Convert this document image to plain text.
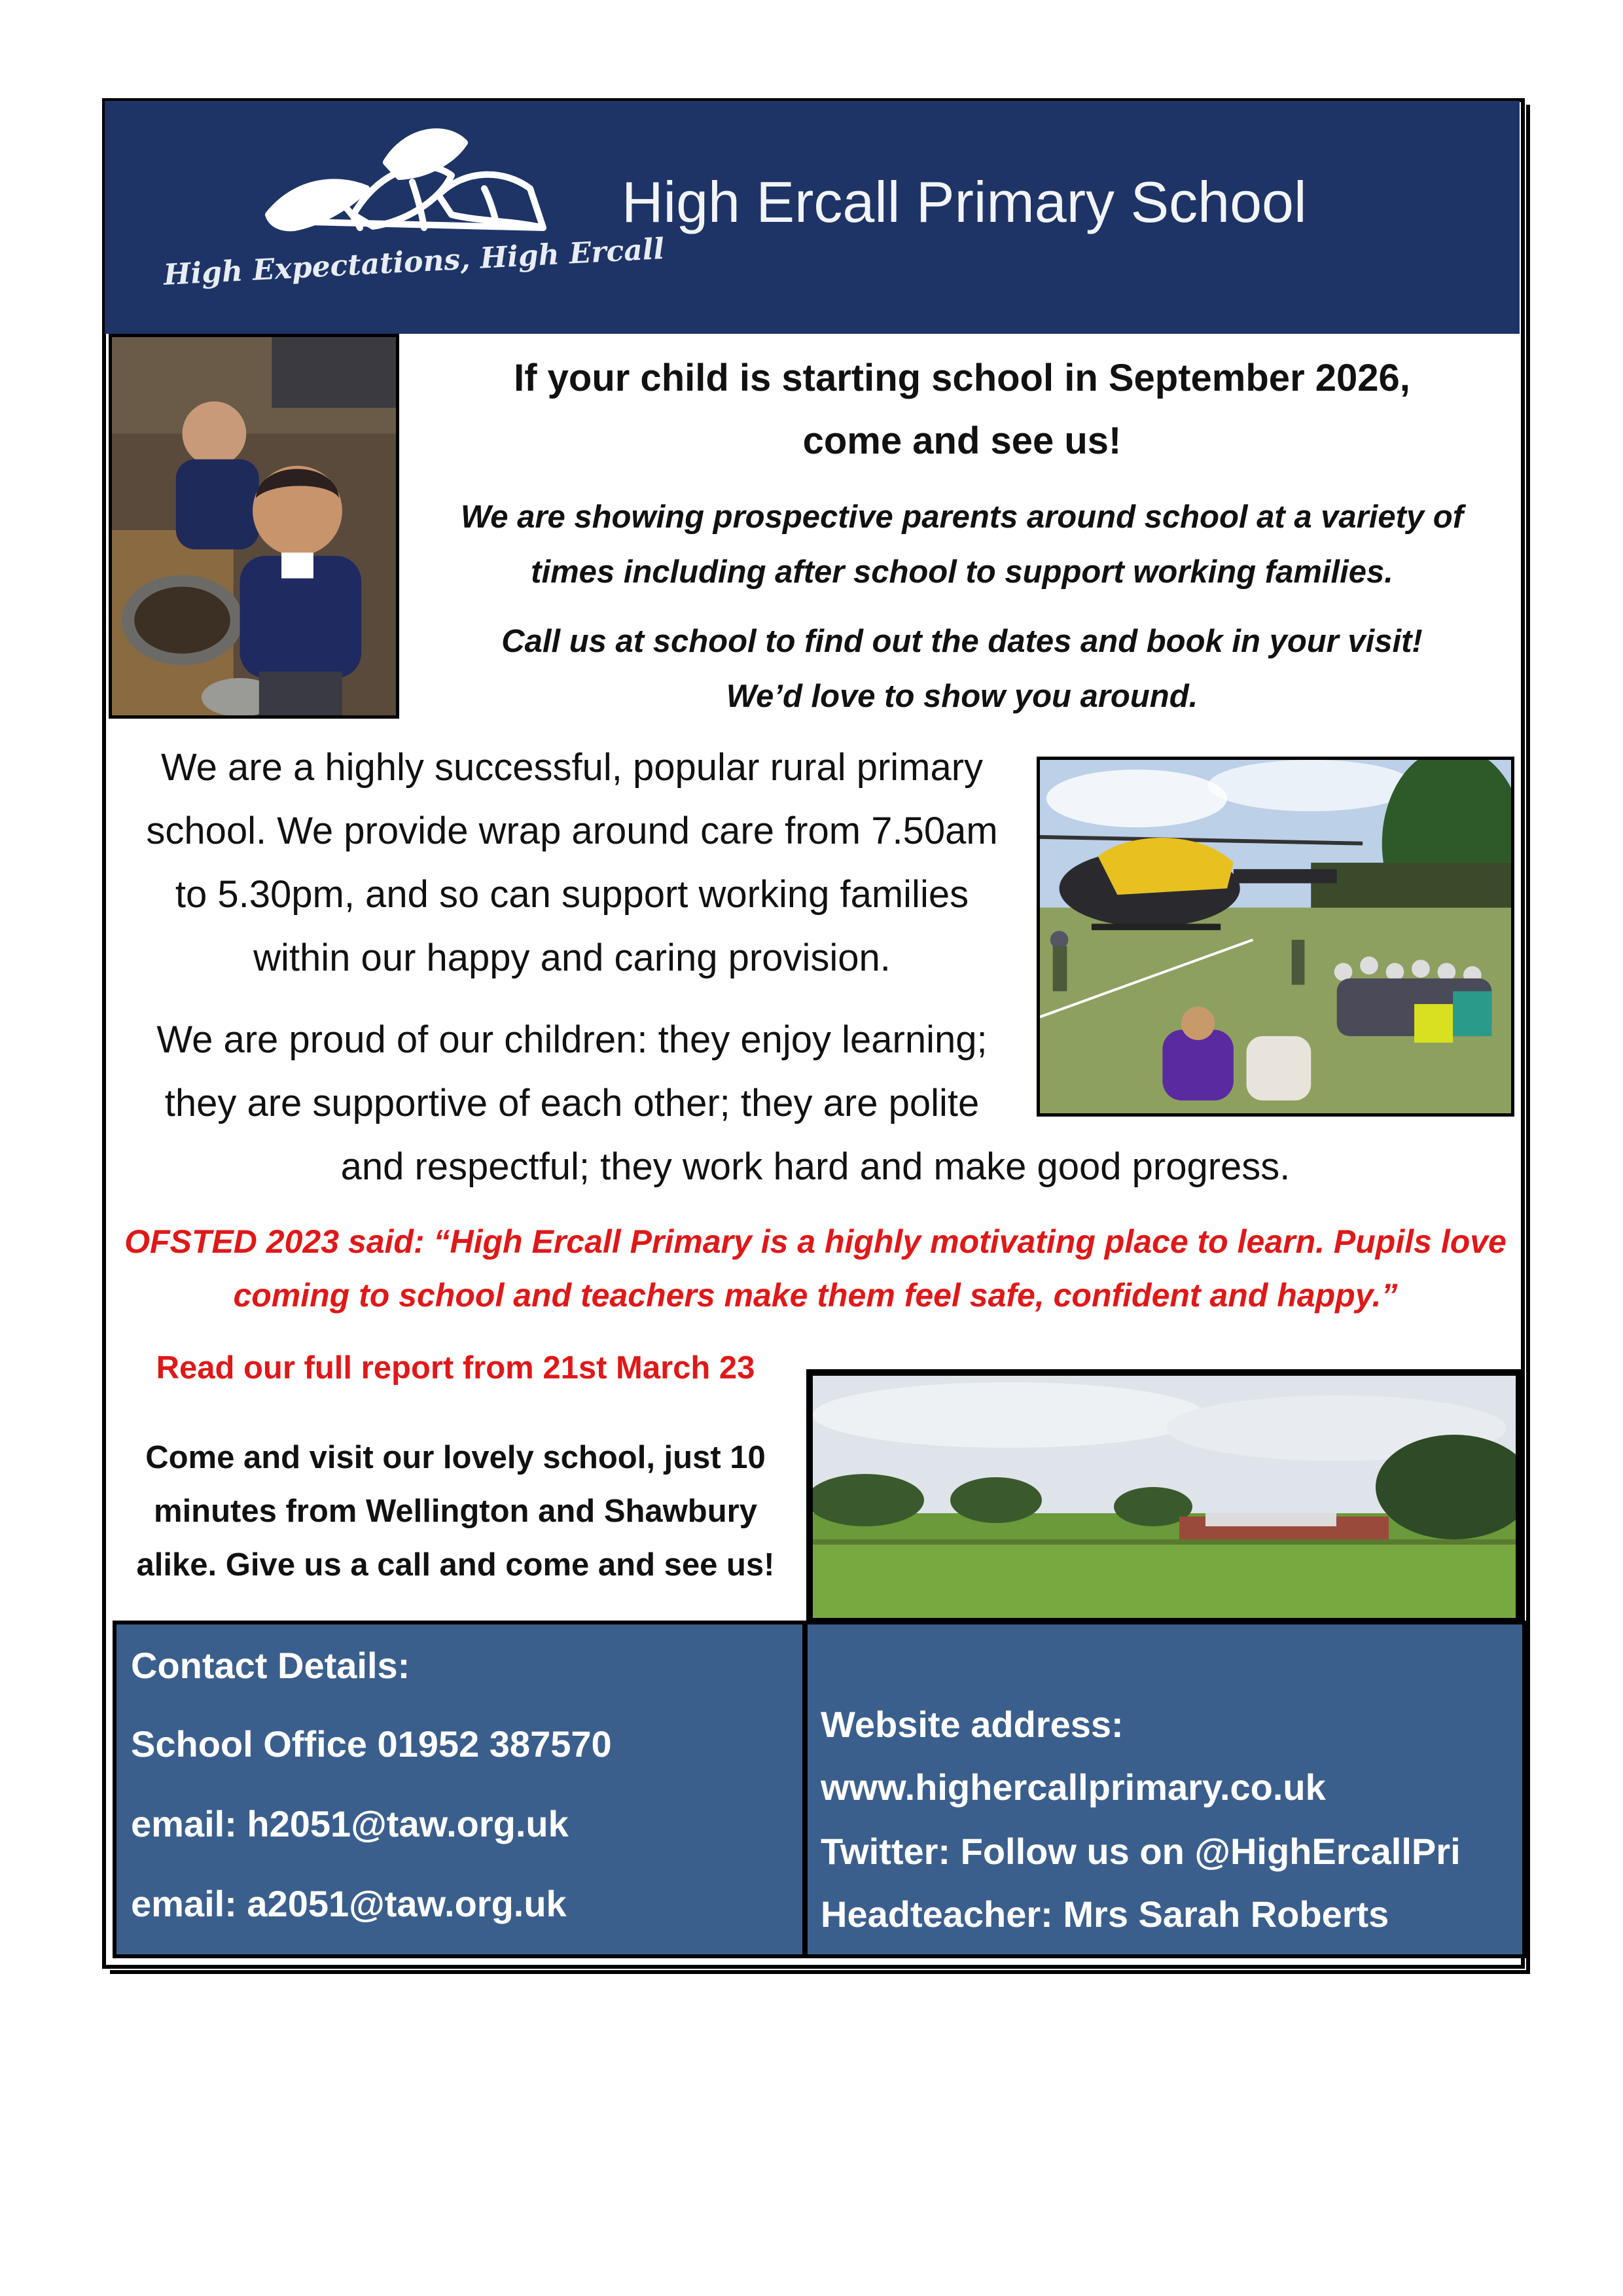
High Ercall Primary School
High Expectations, High Ercall
If your child is starting school in September 2026,
come and see us!
We are showing prospective parents around school at a variety of
times including after school to support working families.
Call us at school to find out the dates and book in your visit!
We’d love to show you around.
We are a highly successful, popular rural primary
school. We provide wrap around care from 7.50am
to 5.30pm, and so can support working families
within our happy and caring provision.
We are proud of our children: they enjoy learning;
they are supportive of each other; they are polite
and respectful; they work hard and make good progress.
OFSTED 2023 said: “High Ercall Primary is a highly motivating place to learn. Pupils love
coming to school and teachers make them feel safe, confident and happy.”
Read our full report from 21st March 23
Come and visit our lovely school, just 10
minutes from Wellington and Shawbury
alike. Give us a call and come and see us!
Contact Details:
School Office 01952 387570
email: h2051@taw.org.uk
email: a2051@taw.org.uk
Website address:
www.highercallprimary.co.uk
Twitter: Follow us on @HighErcallPri
Headteacher: Mrs Sarah Roberts
